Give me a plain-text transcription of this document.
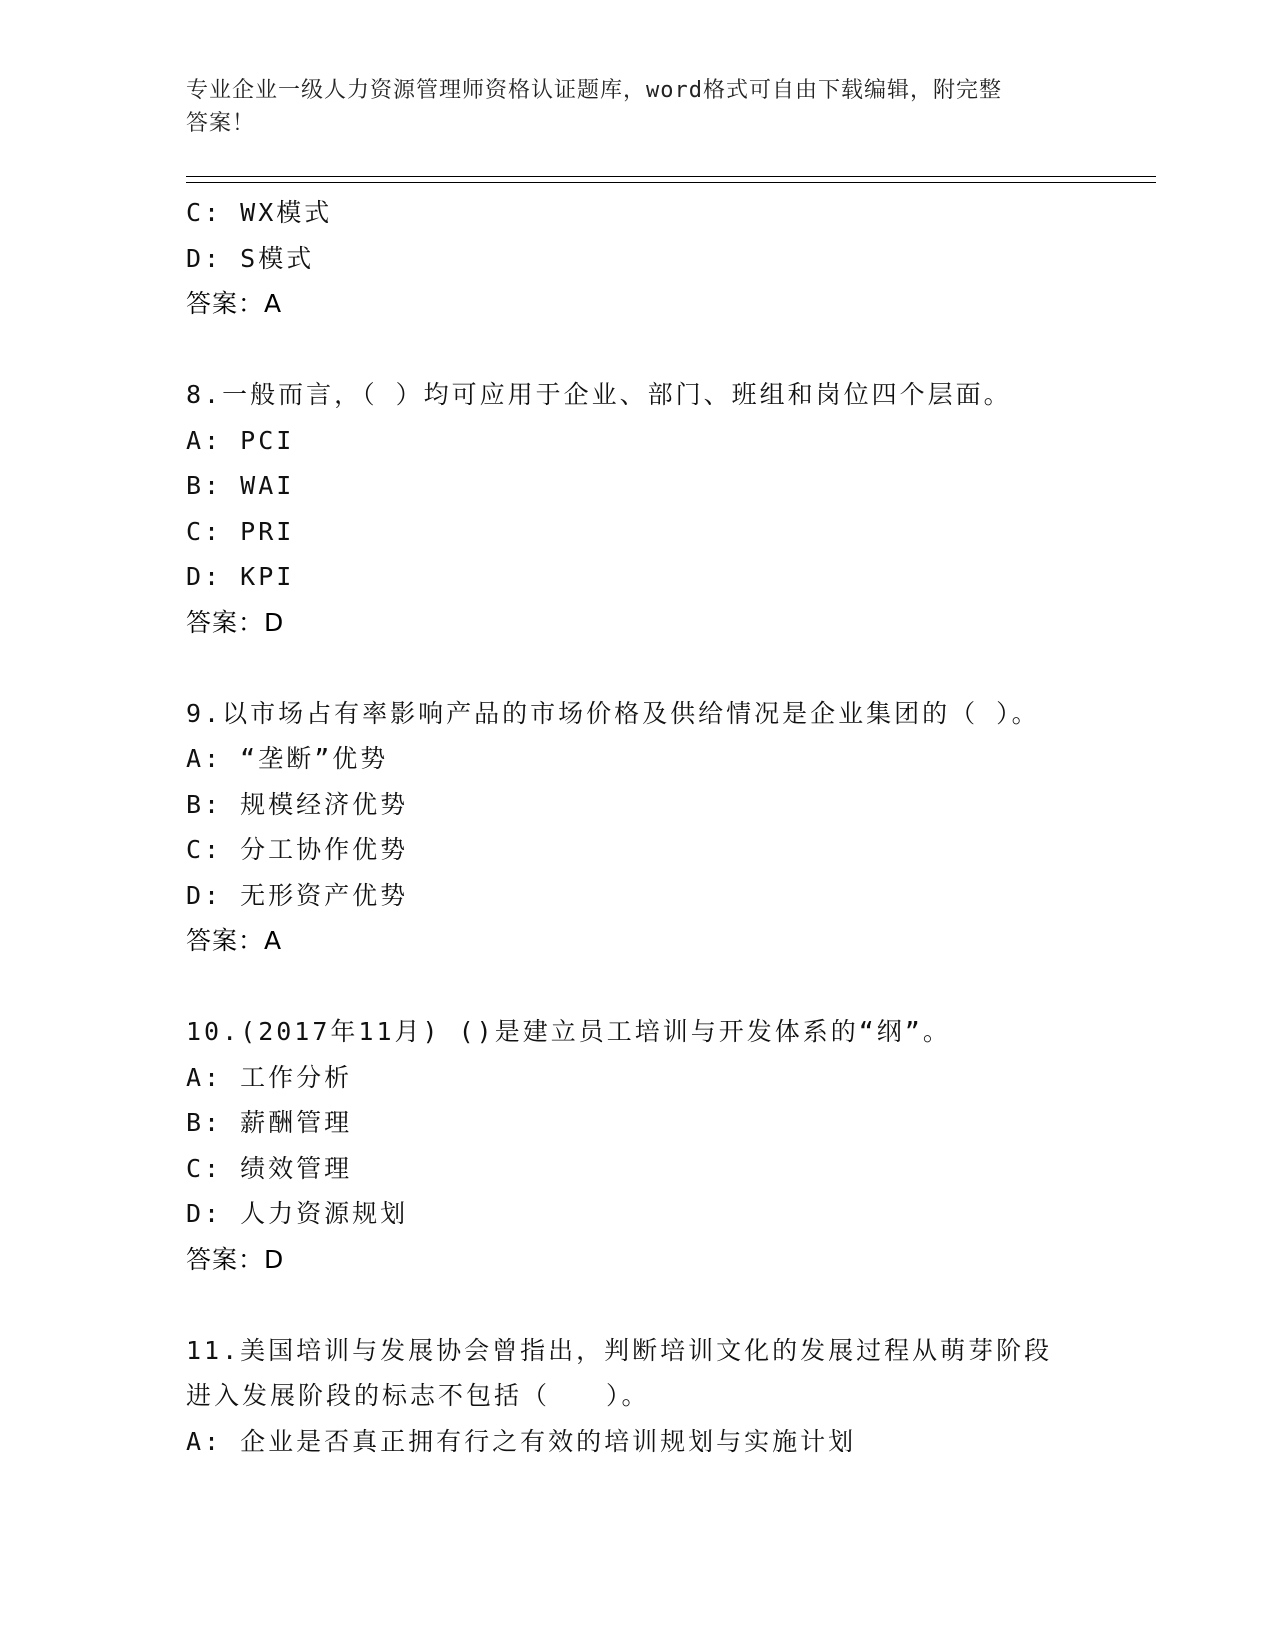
专业企业一级人力资源管理师资格认证题库，word格式可自由下载编辑，附完整
答案！
C: WX模式
D: S模式
答案：A
8.一般而言，（ ）均可应用于企业、部门、班组和岗位四个层面。
A: PCI
B: WAI
C: PRI
D: KPI
答案：D
9.以市场占有率影响产品的市场价格及供给情况是企业集团的（ ）。
A: “垄断”优势
B: 规模经济优势
C: 分工协作优势
D: 无形资产优势
答案：A
10.(2017年11月) ()是建立员工培训与开发体系的“纲”。
A: 工作分析
B: 薪酬管理
C: 绩效管理
D: 人力资源规划
答案：D
11.美国培训与发展协会曾指出，判断培训文化的发展过程从萌芽阶段
进入发展阶段的标志不包括（　　）。
A: 企业是否真正拥有行之有效的培训规划与实施计划
